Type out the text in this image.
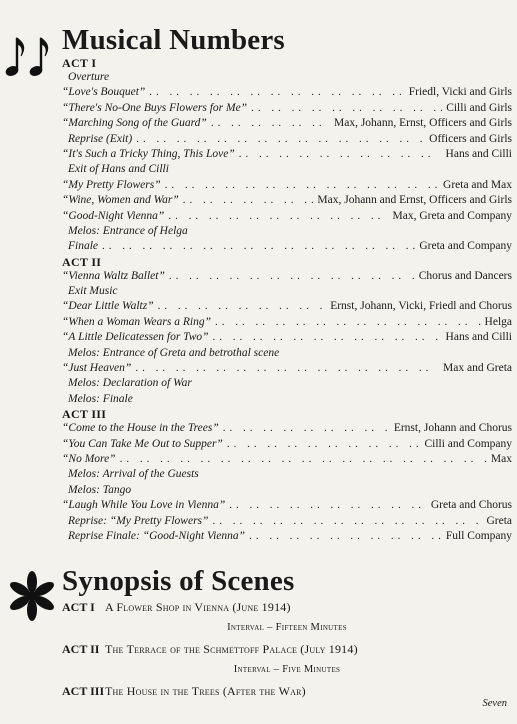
Musical Numbers
ACT I
Overture
“Love's Bouquet” .. ..	Friedl, Vicki and Girls
“There's No-One Buys Flowers for Me” .. ..	Cilli and Girls
“Marching Song of the Guard” .. ..	Max, Johann, Ernst, Officers and Girls
Reprise (Exit) .. ..	Officers and Girls
“It's Such a Tricky Thing, This Love” .. ..	Hans and Cilli
Exit of Hans and Cilli
“My Pretty Flowers” .. ..	Greta and Max
“Wine, Women and War” .. ..	Max, Johann and Ernst, Officers and Girls
“Good-Night Vienna” .. ..	Max, Greta and Company
Melos: Entrance of Helga
Finale .. ..	Greta and Company
ACT II
“Vienna Waltz Ballet” .. ..	Chorus and Dancers
Exit Music
“Dear Little Waltz” .. ..	Ernst, Johann, Vicki, Friedl and Chorus
“When a Woman Wears a Ring” .. ..	Helga
“A Little Delicatessen for Two” .. ..	Hans and Cilli
Melos: Entrance of Greta and betrothal scene
“Just Heaven” .. ..	Max and Greta
Melos: Declaration of War
Melos: Finale
ACT III
“Come to the House in the Trees” .. ..	Ernst, Johann and Chorus
“You Can Take Me Out to Supper” .. ..	Cilli and Company
“No More” .. ..	Max
Melos: Arrival of the Guests
Melos: Tango
“Laugh While You Love in Vienna” .. ..	Greta and Chorus
Reprise: “My Pretty Flowers” .. ..	Greta
Reprise Finale: “Good-Night Vienna” .. ..	Full Company
Synopsis of Scenes
ACT I A Flower Shop in Vienna (June 1914)
Interval – Fifteen Minutes
ACT II The Terrace of the Schmettoff Palace (July 1914)
Interval – Five Minutes
ACT III The House in the Trees (After the War)
Seven
